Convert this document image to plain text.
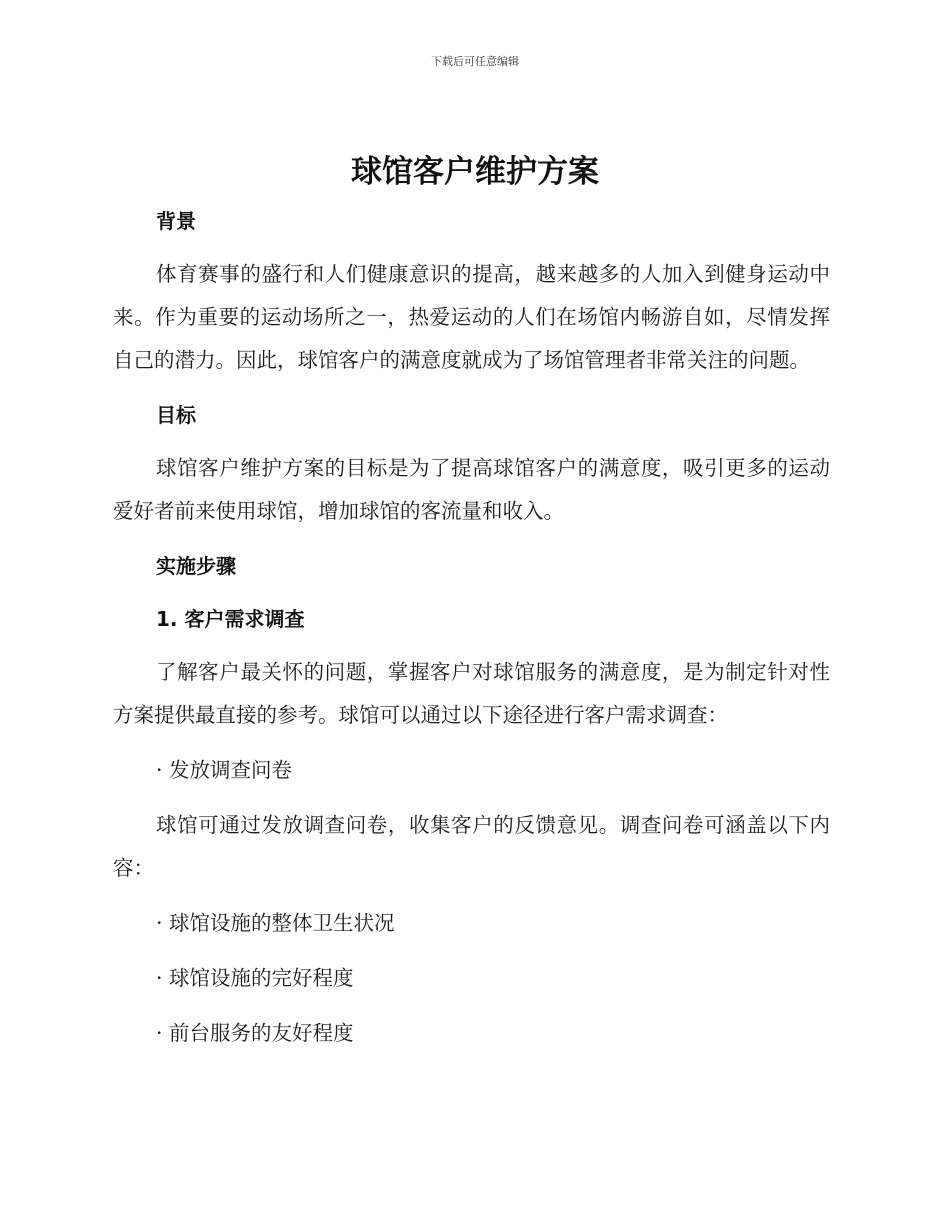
下载后可任意编辑
球馆客户维护方案
背景

体育赛事的盛行和人们健康意识的提高，越来越多的人加入到健身运动中来。作为重要的运动场所之一，热爱运动的人们在场馆内畅游自如，尽情发挥自己的潜力。因此，球馆客户的满意度就成为了场馆管理者非常关注的问题。

目标

球馆客户维护方案的目标是为了提高球馆客户的满意度，吸引更多的运动爱好者前来使用球馆，增加球馆的客流量和收入。

实施步骤
1. 客户需求调查

了解客户最关怀的问题，掌握客户对球馆服务的满意度，是为制定针对性方案提供最直接的参考。球馆可以通过以下途径进行客户需求调查：

· 发放调查问卷

球馆可通过发放调查问卷，收集客户的反馈意见。调查问卷可涵盖以下内容：

· 球馆设施的整体卫生状况

· 球馆设施的完好程度

· 前台服务的友好程度
